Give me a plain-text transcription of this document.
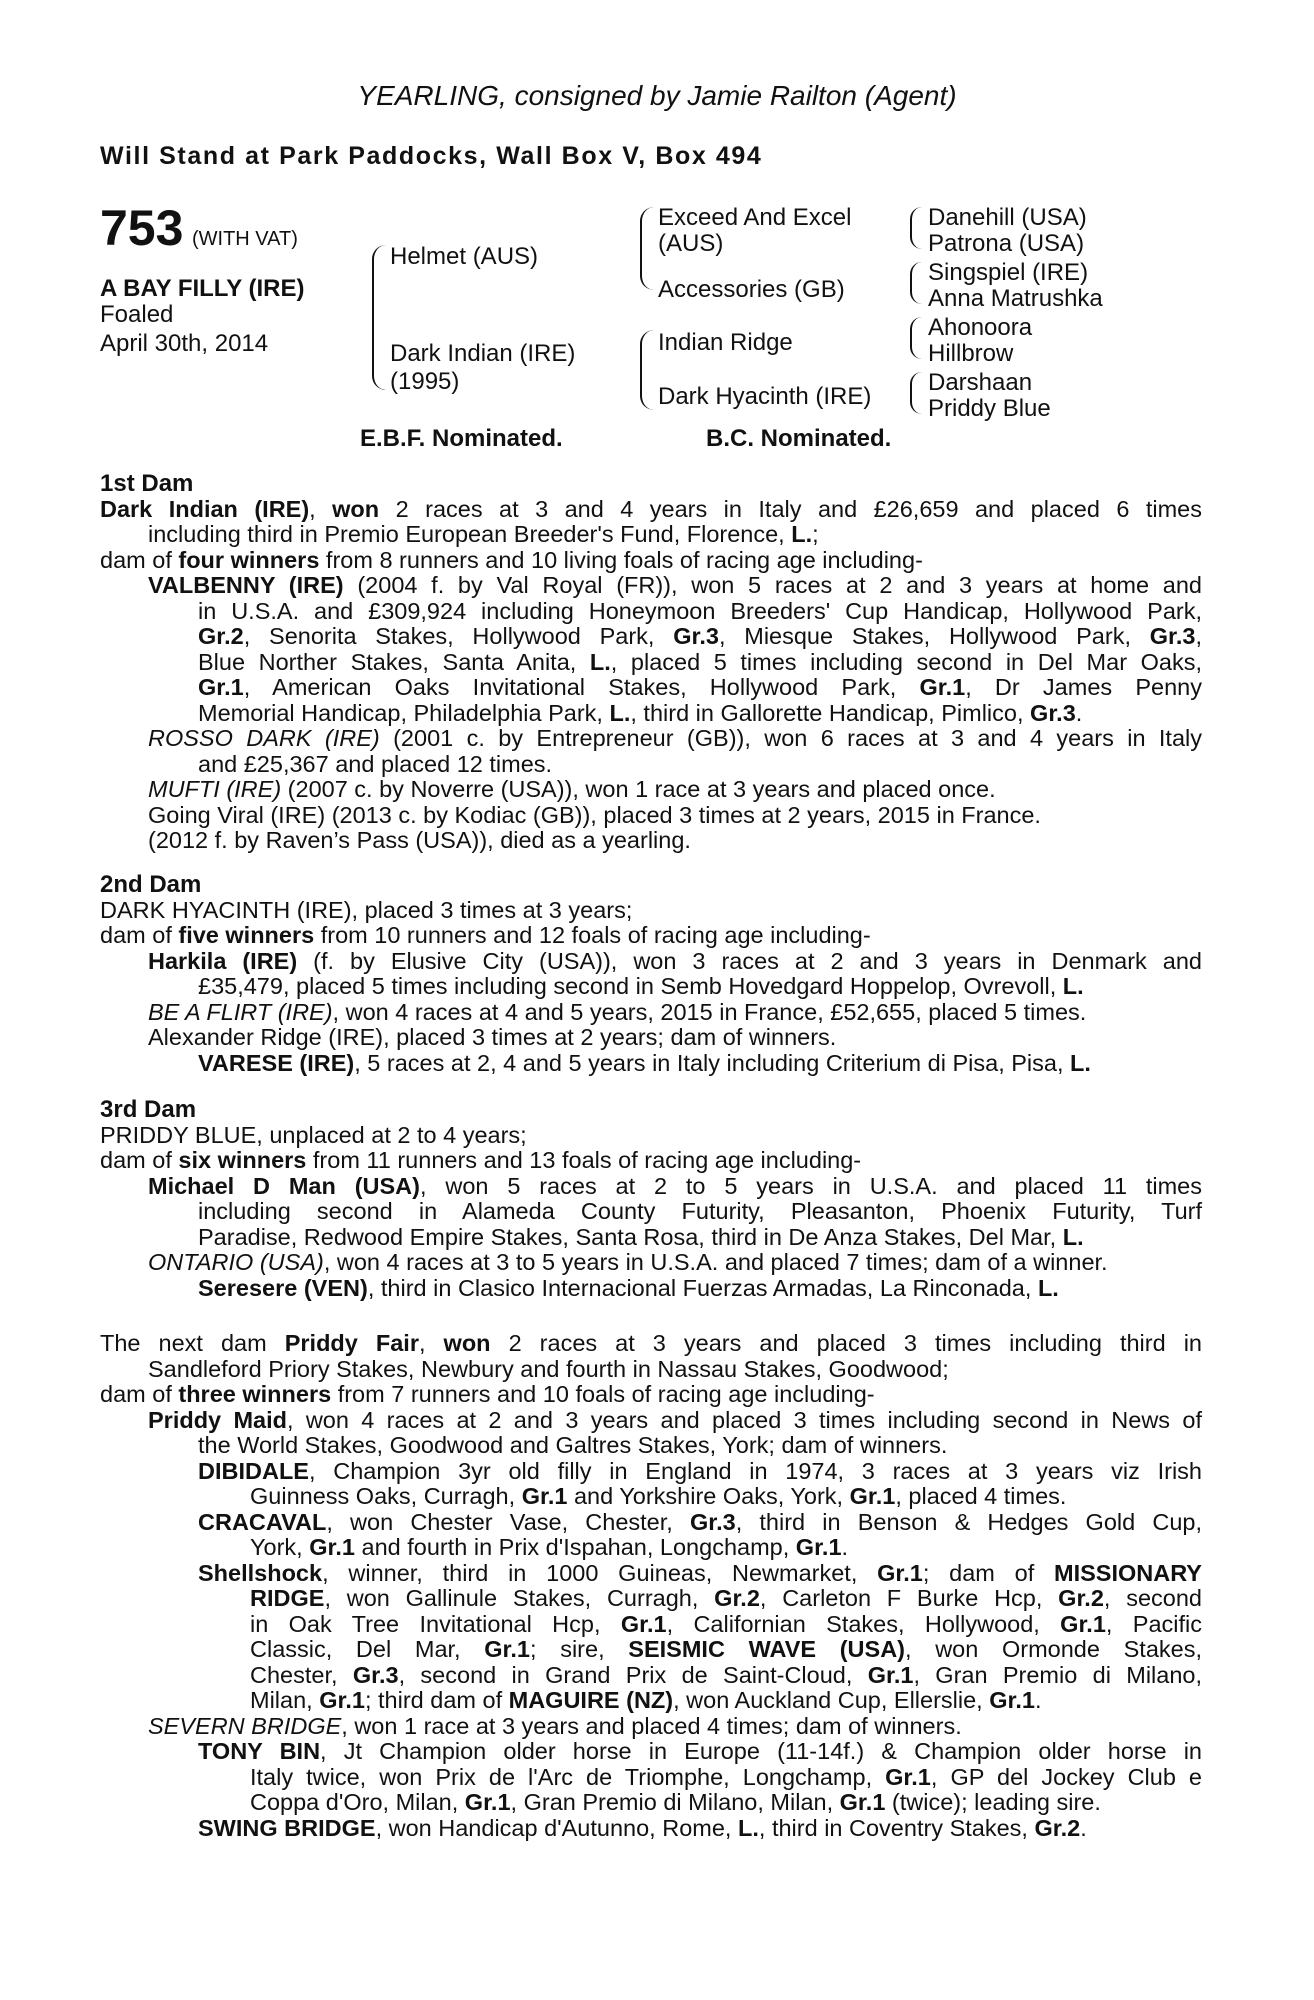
YEARLING, consigned by Jamie Railton (Agent)
Will Stand at Park Paddocks, Wall Box V, Box 494
753 (WITH VAT)
A BAY FILLY (IRE)
Foaled
April 30th, 2014
Helmet (AUS)
Dark Indian (IRE)
(1995)
Exceed And Excel
(AUS)
Accessories (GB)
Indian Ridge
Dark Hyacinth (IRE)
Danehill (USA)
Patrona (USA)
Singspiel (IRE)
Anna Matrushka
Ahonoora
Hillbrow
Darshaan
Priddy Blue
E.B.F. Nominated.	B.C. Nominated.
1st Dam
Dark Indian (IRE), won 2 races at 3 and 4 years in Italy and £26,659 and placed 6 times
including third in Premio European Breeder's Fund, Florence, L.;
dam of four winners from 8 runners and 10 living foals of racing age including-
VALBENNY (IRE) (2004 f. by Val Royal (FR)), won 5 races at 2 and 3 years at home and
in U.S.A. and £309,924 including Honeymoon Breeders' Cup Handicap, Hollywood Park,
Gr.2, Senorita Stakes, Hollywood Park, Gr.3, Miesque Stakes, Hollywood Park, Gr.3,
Blue Norther Stakes, Santa Anita, L., placed 5 times including second in Del Mar Oaks,
Gr.1, American Oaks Invitational Stakes, Hollywood Park, Gr.1, Dr James Penny
Memorial Handicap, Philadelphia Park, L., third in Gallorette Handicap, Pimlico, Gr.3.
ROSSO DARK (IRE) (2001 c. by Entrepreneur (GB)), won 6 races at 3 and 4 years in Italy
and £25,367 and placed 12 times.
MUFTI (IRE) (2007 c. by Noverre (USA)), won 1 race at 3 years and placed once.
Going Viral (IRE) (2013 c. by Kodiac (GB)), placed 3 times at 2 years, 2015 in France.
(2012 f. by Raven’s Pass (USA)), died as a yearling.
2nd Dam
DARK HYACINTH (IRE), placed 3 times at 3 years;
dam of five winners from 10 runners and 12 foals of racing age including-
Harkila (IRE) (f. by Elusive City (USA)), won 3 races at 2 and 3 years in Denmark and
£35,479, placed 5 times including second in Semb Hovedgard Hoppelop, Ovrevoll, L.
BE A FLIRT (IRE), won 4 races at 4 and 5 years, 2015 in France, £52,655, placed 5 times.
Alexander Ridge (IRE), placed 3 times at 2 years; dam of winners.
VARESE (IRE), 5 races at 2, 4 and 5 years in Italy including Criterium di Pisa, Pisa, L.
3rd Dam
PRIDDY BLUE, unplaced at 2 to 4 years;
dam of six winners from 11 runners and 13 foals of racing age including-
Michael D Man (USA), won 5 races at 2 to 5 years in U.S.A. and placed 11 times
including second in Alameda County Futurity, Pleasanton, Phoenix Futurity, Turf
Paradise, Redwood Empire Stakes, Santa Rosa, third in De Anza Stakes, Del Mar, L.
ONTARIO (USA), won 4 races at 3 to 5 years in U.S.A. and placed 7 times; dam of a winner.
Seresere (VEN), third in Clasico Internacional Fuerzas Armadas, La Rinconada, L.
The next dam Priddy Fair, won 2 races at 3 years and placed 3 times including third in
Sandleford Priory Stakes, Newbury and fourth in Nassau Stakes, Goodwood;
dam of three winners from 7 runners and 10 foals of racing age including-
Priddy Maid, won 4 races at 2 and 3 years and placed 3 times including second in News of
the World Stakes, Goodwood and Galtres Stakes, York; dam of winners.
DIBIDALE, Champion 3yr old filly in England in 1974, 3 races at 3 years viz Irish
Guinness Oaks, Curragh, Gr.1 and Yorkshire Oaks, York, Gr.1, placed 4 times.
CRACAVAL, won Chester Vase, Chester, Gr.3, third in Benson & Hedges Gold Cup,
York, Gr.1 and fourth in Prix d'Ispahan, Longchamp, Gr.1.
Shellshock, winner, third in 1000 Guineas, Newmarket, Gr.1; dam of MISSIONARY
RIDGE, won Gallinule Stakes, Curragh, Gr.2, Carleton F Burke Hcp, Gr.2, second
in Oak Tree Invitational Hcp, Gr.1, Californian Stakes, Hollywood, Gr.1, Pacific
Classic, Del Mar, Gr.1; sire, SEISMIC WAVE (USA), won Ormonde Stakes,
Chester, Gr.3, second in Grand Prix de Saint-Cloud, Gr.1, Gran Premio di Milano,
Milan, Gr.1; third dam of MAGUIRE (NZ), won Auckland Cup, Ellerslie, Gr.1.
SEVERN BRIDGE, won 1 race at 3 years and placed 4 times; dam of winners.
TONY BIN, Jt Champion older horse in Europe (11-14f.) & Champion older horse in
Italy twice, won Prix de l'Arc de Triomphe, Longchamp, Gr.1, GP del Jockey Club e
Coppa d'Oro, Milan, Gr.1, Gran Premio di Milano, Milan, Gr.1 (twice); leading sire.
SWING BRIDGE, won Handicap d'Autunno, Rome, L., third in Coventry Stakes, Gr.2.
